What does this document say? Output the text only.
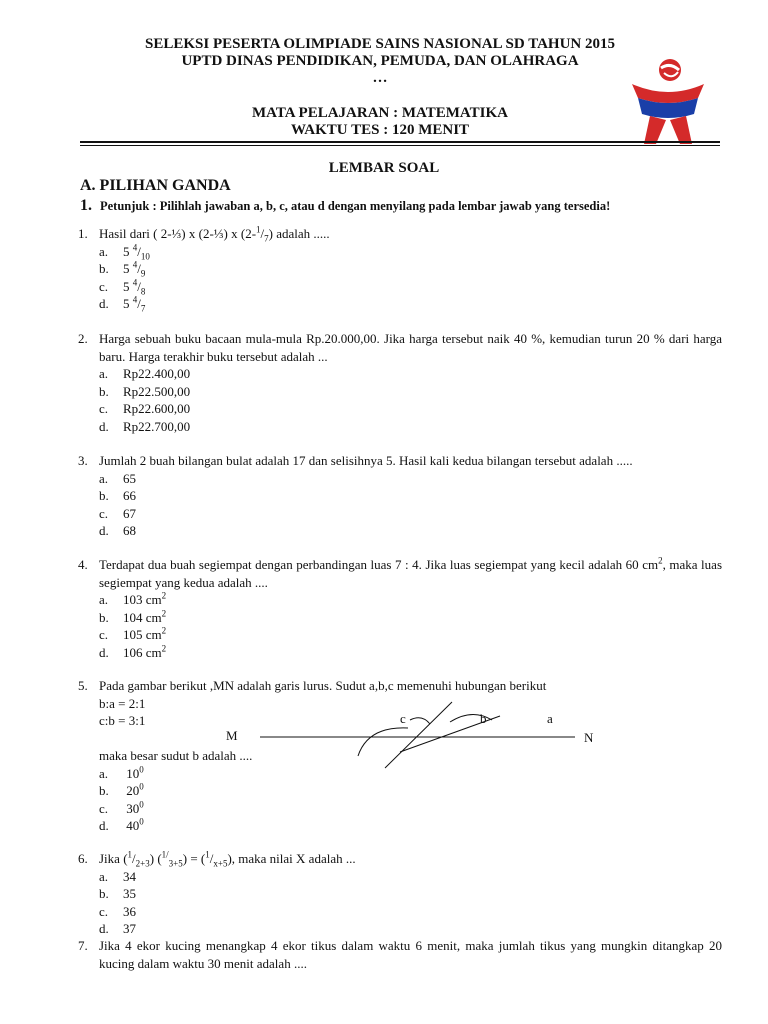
SELEKSI PESERTA OLIMPIADE SAINS NASIONAL SD TAHUN 2015
UPTD DINAS PENDIDIKAN, PEMUDA, DAN OLAHRAGA
…
MATA PELAJARAN : MATEMATIKA
WAKTU TES : 120 MENIT
LEMBAR SOAL
A. PILIHAN GANDA
1. Petunjuk : Pilihlah jawaban a, b, c, atau d dengan menyilang pada lembar jawab yang tersedia!
1. Hasil dari ( 2-⅓) x (2-⅓) x $(2-^1/_7)$ adalah .....
a. 5 $^4/_{10}$
b. 5 $^4/_9$
c. 5 $^4/_8$
d. 5 $^4/_7$
2. Harga sebuah buku bacaan mula-mula Rp.20.000,00. Jika harga tersebut naik 40 %, kemudian turun 20 % dari harga baru. Harga terakhir buku tersebut adalah ...
a. Rp22.400,00
b. Rp22.500,00
c. Rp22.600,00
d. Rp22.700,00
3. Jumlah 2 buah bilangan bulat adalah 17 dan selisihnya 5. Hasil kali kedua bilangan tersebut adalah .....
a. 65
b. 66
c. 67
d. 68
4. Terdapat dua buah segiempat dengan perbandingan luas 7 : 4. Jika luas segiempat yang kecil adalah 60 $cm^2$, maka luas segiempat yang kedua adalah ....
a. 103 $cm^2$
b. 104 $cm^2$
c. 105 $cm^2$
d. 106 $cm^2$
5. Pada gambar berikut ,MN adalah garis lurus. Sudut a,b,c memenuhi hubungan berikut
b:a = 2:1
c:b = 3:1
maka besar sudut b adalah ....
a. $10^0$
b. $20^0$
c. $30^0$
d. $40^0$
M	N
c	b	a
6. Jika $(^1/_{2+3}) (^{1/}_{3+5}) = (^1/_{x+5})$, maka nilai X adalah ...
a. 34
b. 35
c. 36
d. 37
7. Jika 4 ekor kucing menangkap 4 ekor tikus dalam waktu 6 menit, maka jumlah tikus yang mungkin ditangkap 20 kucing dalam waktu 30 menit adalah ....
